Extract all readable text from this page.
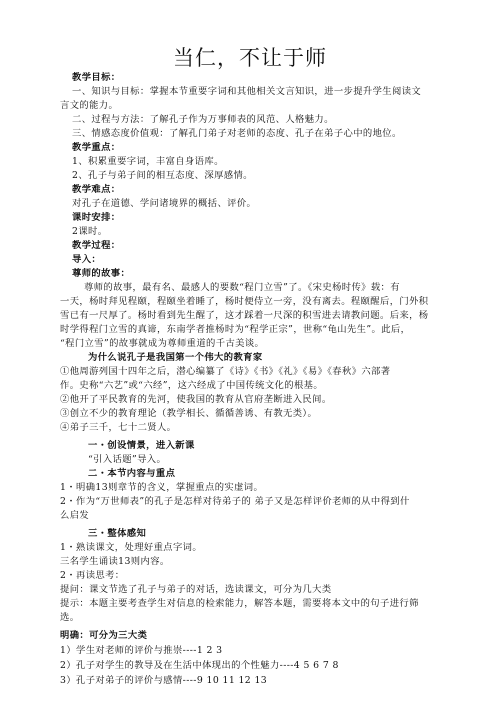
当仁，不让于师
教学目标：
一、知识与目标：掌握本节重要字词和其他相关文言知识，进一步提升学生阅读文
言文的能力。
二、过程与方法：了解孔子作为万事师表的风范、人格魅力。
三、情感态度价值观：了解孔门弟子对老师的态度、孔子在弟子心中的地位。
教学重点：
1、积累重要字词，丰富自身语库。
2、孔子与弟子间的相互态度、深厚感情。
教学难点：
对孔子在道德、学问诸境界的概括、评价。
课时安排：
2课时。
教学过程：
导入：
尊师的故事：
尊师的故事，最有名、最感人的要数“程门立雪”了。《宋史杨时传》载：有
一天，杨时拜见程颐，程颐坐着睡了，杨时便侍立一旁，没有离去。程颐醒后，门外积
雪已有一尺厚了。杨时看到先生醒了，这才踩着一尺深的积雪进去请教问题。后来，杨
时学得程门立雪的真谛，东南学者推杨时为“程学正宗”，世称“龟山先生”。此后，
“程门立雪”的故事就成为尊师重道的千古美谈。
为什么说孔子是我国第一个伟大的教育家
①他周游列国十四年之后，潜心编纂了《诗》《书》《礼》《易》《春秋》六部著
作。史称“六艺”或“六经”，这六经成了中国传统文化的根基。
②他开了平民教育的先河，使我国的教育从官府垄断进入民间。
③创立不少的教育理论（教学相长、循循善诱、有教无类）。
④弟子三千，七十二贤人。
一・创设情景，进入新课
“引入话题”导入。
二・本节内容与重点
1・明确13则章节的含义，掌握重点的实虚词。
2・作为“万世师表”的孔子是怎样对待弟子的 弟子又是怎样评价老师的从中得到什
么启发
三・整体感知
1・熟读课文，处理好重点字词。
三名学生诵读13则内容。
2・再读思考：
提问：课文节选了孔子与弟子的对话，选读课文，可分为几大类
提示：本题主要考查学生对信息的检索能力，解答本题，需要将本文中的句子进行筛
选。
明确：可分为三大类
1）学生对老师的评价与推崇----1 2 3
2）孔子对学生的教导及在生活中体现出的个性魅力----4 5 6 7 8
3）孔子对弟子的评价与感情----9 10 11 12 13
